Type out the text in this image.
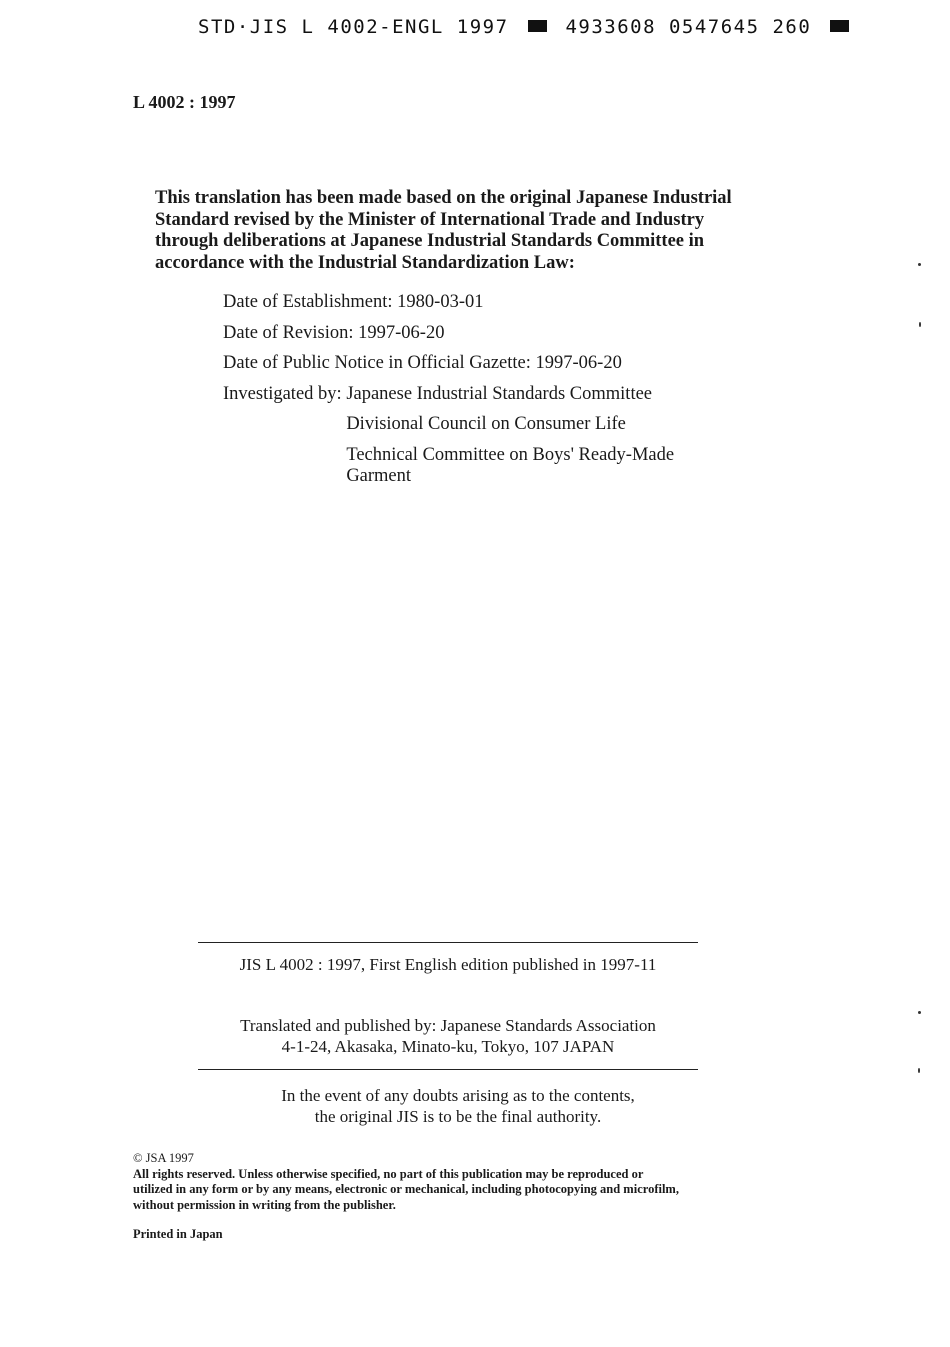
STD·JIS L 4002-ENGL 1997	4933608 0547645 260
L 4002 : 1997

This translation has been made based on the original Japanese Industrial

Standard revised by the Minister of International Trade and Industry

through deliberations at Japanese Industrial Standards Committee in

accordance with the Industrial Standardization Law:

Date of Establishment: 1980-03-01
Date of Revision: 1997-06-20
Date of Public Notice in Official Gazette: 1997-06-20
Investigated by:
Japanese Industrial Standards Committee
Divisional Council on Consumer Life
Technical Committee on Boys' Ready-Made Garment
JIS L 4002 : 1997, First English edition published in 1997-11
Translated and published by: Japanese Standards Association
4-1-24, Akasaka, Minato-ku, Tokyo, 107 JAPAN
In the event of any doubts arising as to the contents,
the original JIS is to be the final authority.
© JSA 1997
All rights reserved. Unless otherwise specified, no part of this publication may be reproduced or
utilized in any form or by any means, electronic or mechanical, including photocopying and microfilm,
without permission in writing from the publisher.
Printed in Japan
